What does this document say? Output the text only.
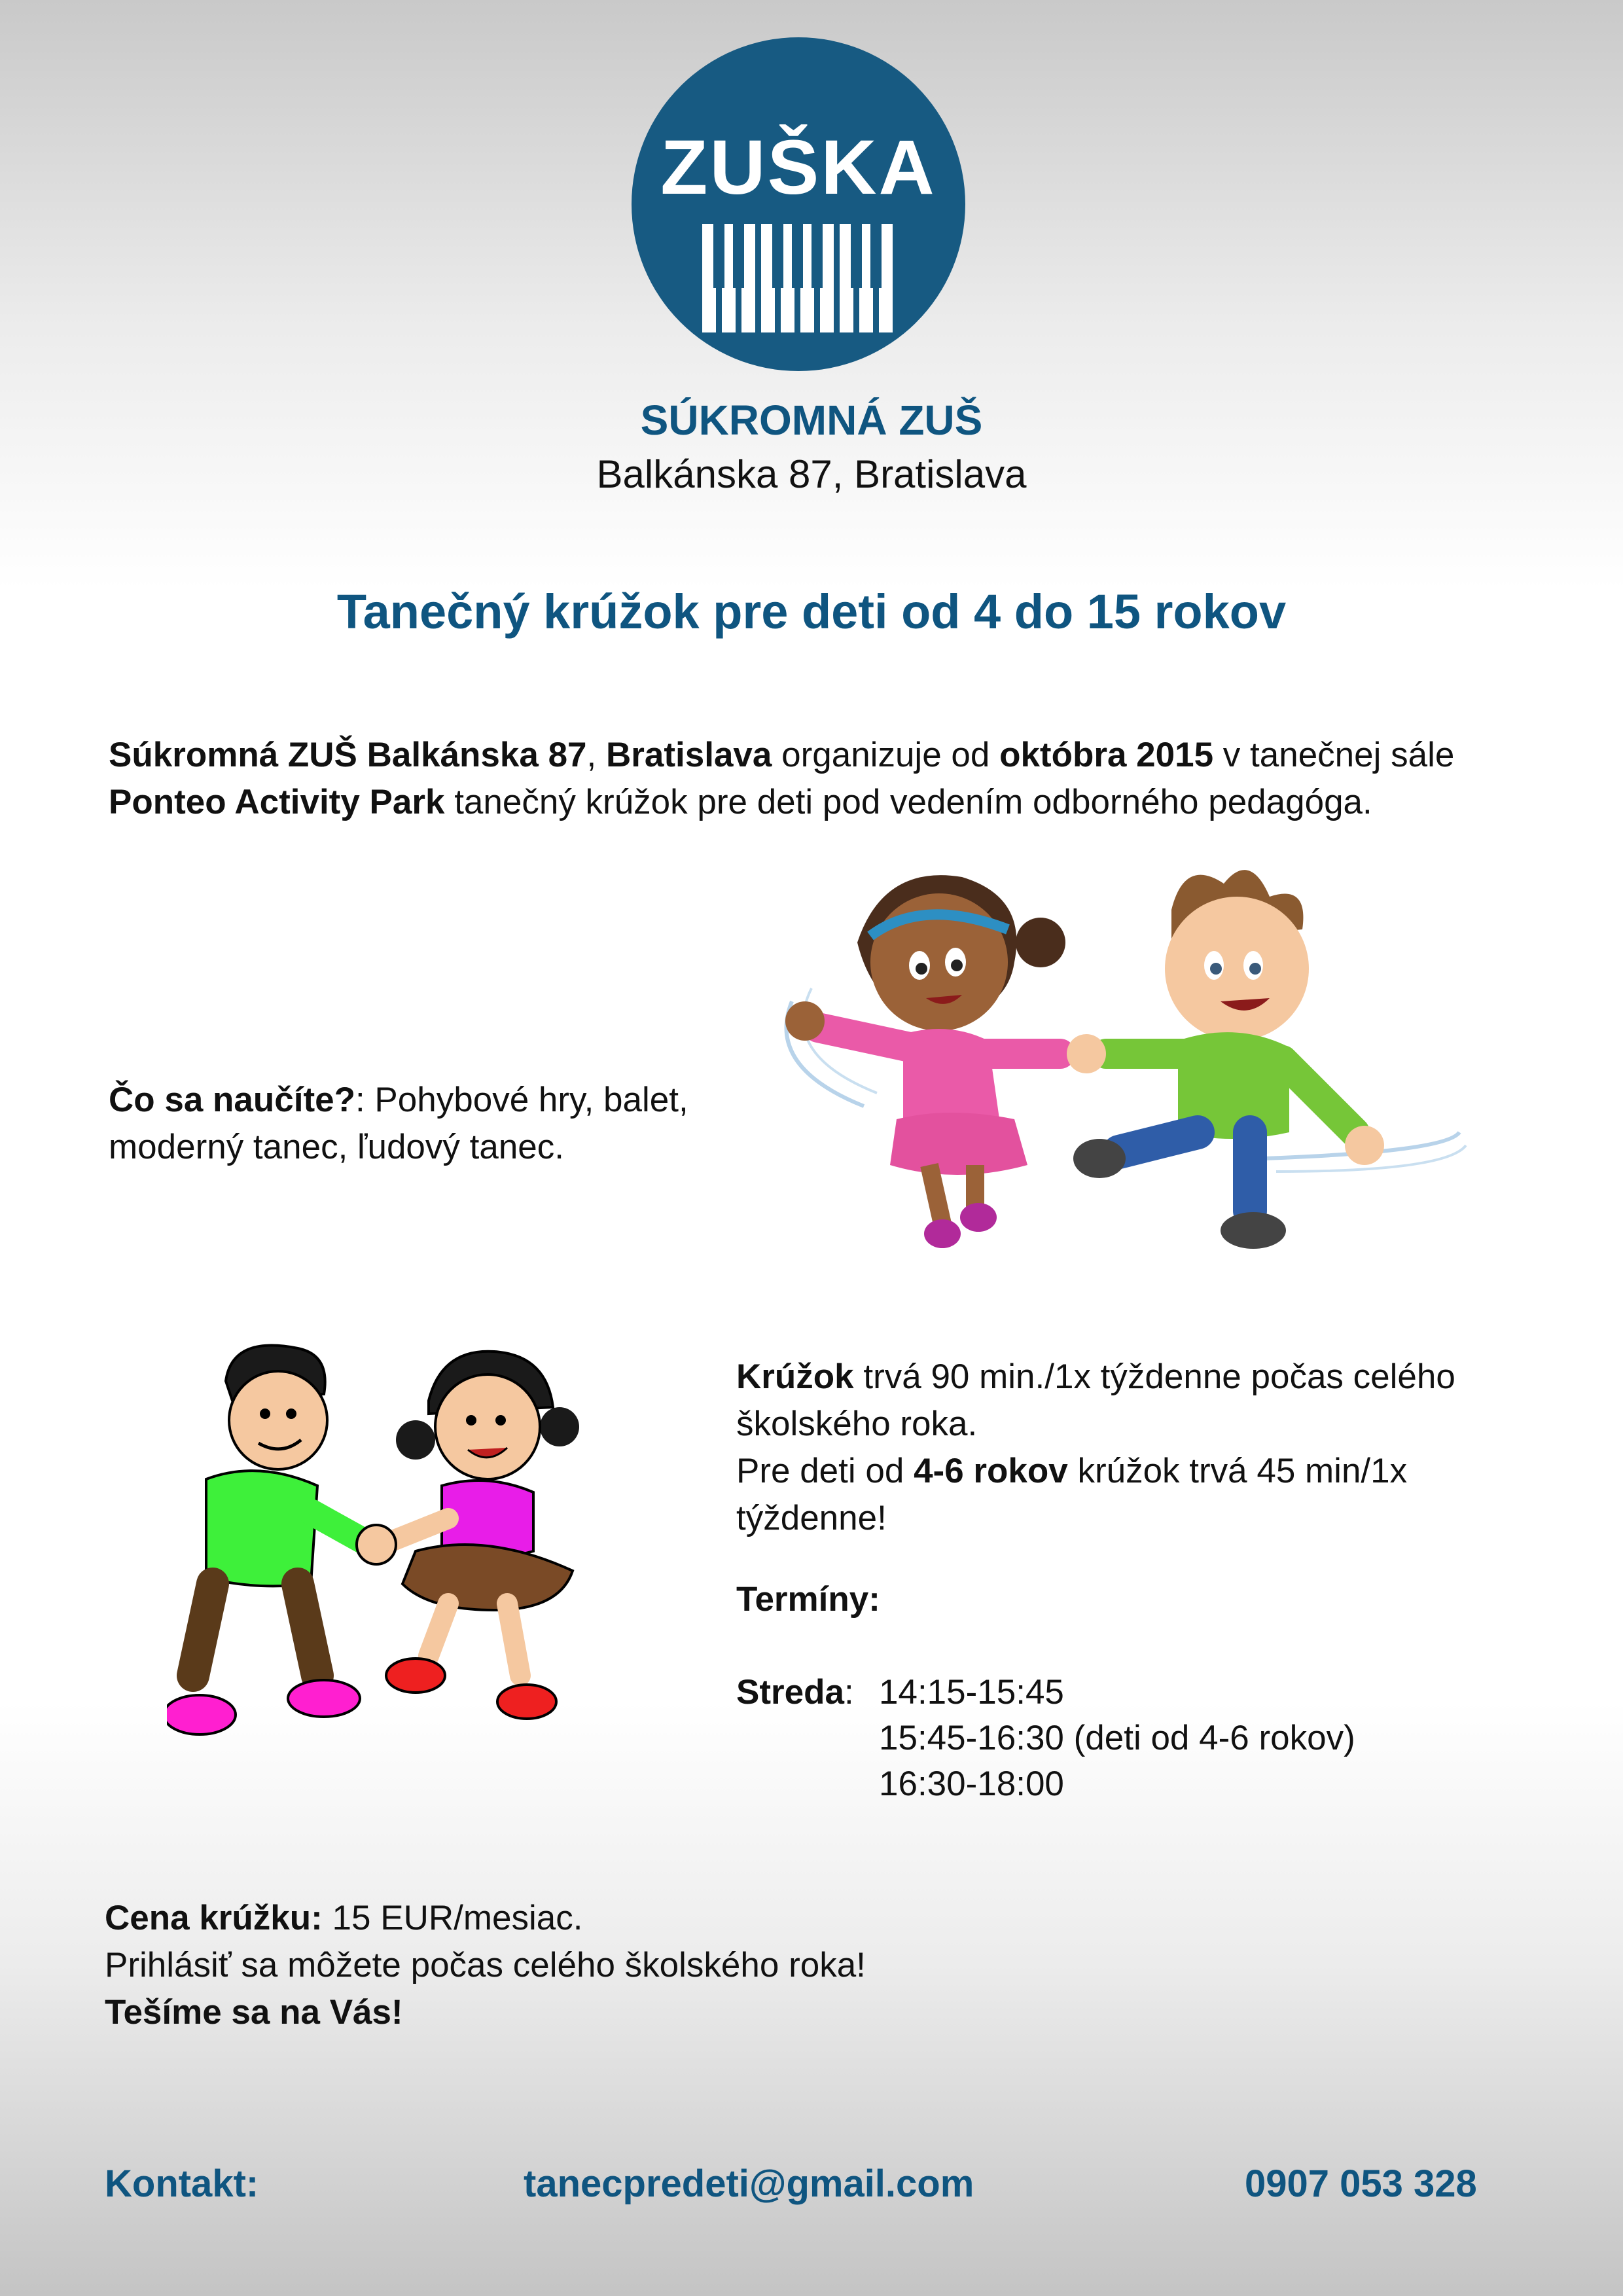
ZUŠKA
SÚKROMNÁ ZUŠ
Balkánska 87, Bratislava
Tanečný krúžok pre deti od 4 do 15 rokov
Súkromná ZUŠ Balkánska 87, Bratislava organizuje od októbra 2015 v tanečnej sále
Ponteo Activity Park tanečný krúžok pre deti pod vedením odborného pedagóga.
Čo sa naučíte?: Pohybové hry, balet,
moderný tanec, ľudový tanec.
Krúžok trvá 90 min./1x týždenne počas celého
školského roka.
Pre deti od 4-6 rokov krúžok trvá 45 min/1x
týždenne!
Termíny:
Streda: 14:15-15:45
15:45-16:30 (deti od 4-6 rokov)
16:30-18:00
Cena krúžku: 15 EUR/mesiac.
Prihlásiť sa môžete počas celého školského roka!
Tešíme sa na Vás!
Kontakt:	tanecpredeti@gmail.com	0907 053 328
